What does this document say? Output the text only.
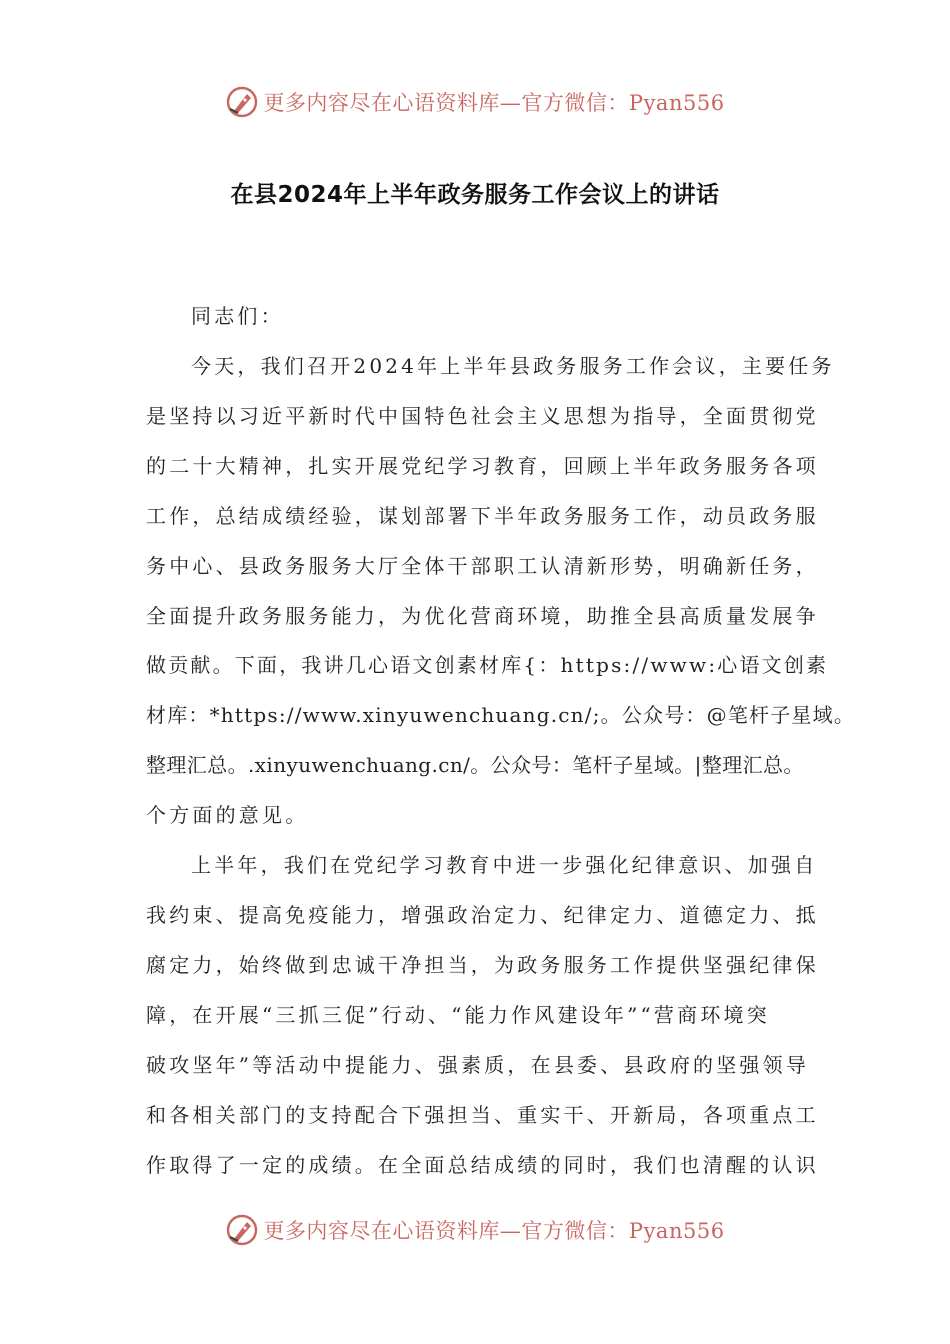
更多内容尽在心语资料库—官方微信：Pyan556
在县2024年上半年政务服务工作会议上的讲话
同志们：
今天，我们召开2024年上半年县政务服务工作会议，主要任务
是坚持以习近平新时代中国特色社会主义思想为指导，全面贯彻党
的二十大精神，扎实开展党纪学习教育，回顾上半年政务服务各项
工作，总结成绩经验，谋划部署下半年政务服务工作，动员政务服
务中心、县政务服务大厅全体干部职工认清新形势，明确新任务，
全面提升政务服务能力，为优化营商环境，助推全县高质量发展争
做贡献。下面，我讲几心语文创素材库{：https://www:心语文创素
材库：*https://www.xinyuwenchuang.cn/;。公众号：@笔杆子星域。
整理汇总。.xinyuwenchuang.cn/。公众号：笔杆子星域。|整理汇总。
个方面的意见。
上半年，我们在党纪学习教育中进一步强化纪律意识、加强自
我约束、提高免疫能力，增强政治定力、纪律定力、道德定力、抵
腐定力，始终做到忠诚干净担当，为政务服务工作提供坚强纪律保
障，在开展“三抓三促”行动、“能力作风建设年”“营商环境突
破攻坚年”等活动中提能力、强素质，在县委、县政府的坚强领导
和各相关部门的支持配合下强担当、重实干、开新局，各项重点工
作取得了一定的成绩。在全面总结成绩的同时，我们也清醒的认识
更多内容尽在心语资料库—官方微信：Pyan556
